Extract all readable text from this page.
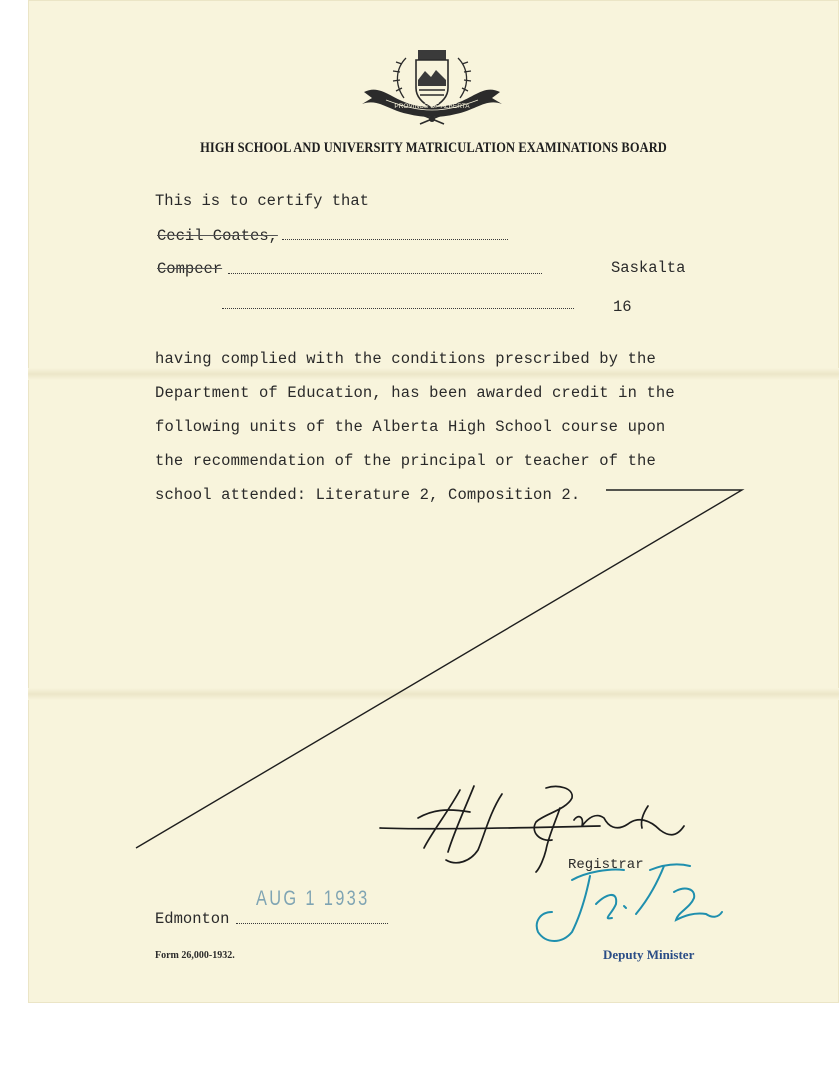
PROVINCE OF ALBERTA
HIGH SCHOOL AND UNIVERSITY MATRICULATION EXAMINATIONS BOARD
This is to certify that
Cecil Coates,
Compeer	Saskalta
16
having complied with the conditions prescribed by the
Department of Education, has been awarded credit in the
following units of the Alberta High School course upon
the recommendation of the principal or teacher of the
school attended: Literature 2, Composition 2.
Registrar
Edmonton
AUG 1 1933
Form 26,000-1932.	Deputy Minister
